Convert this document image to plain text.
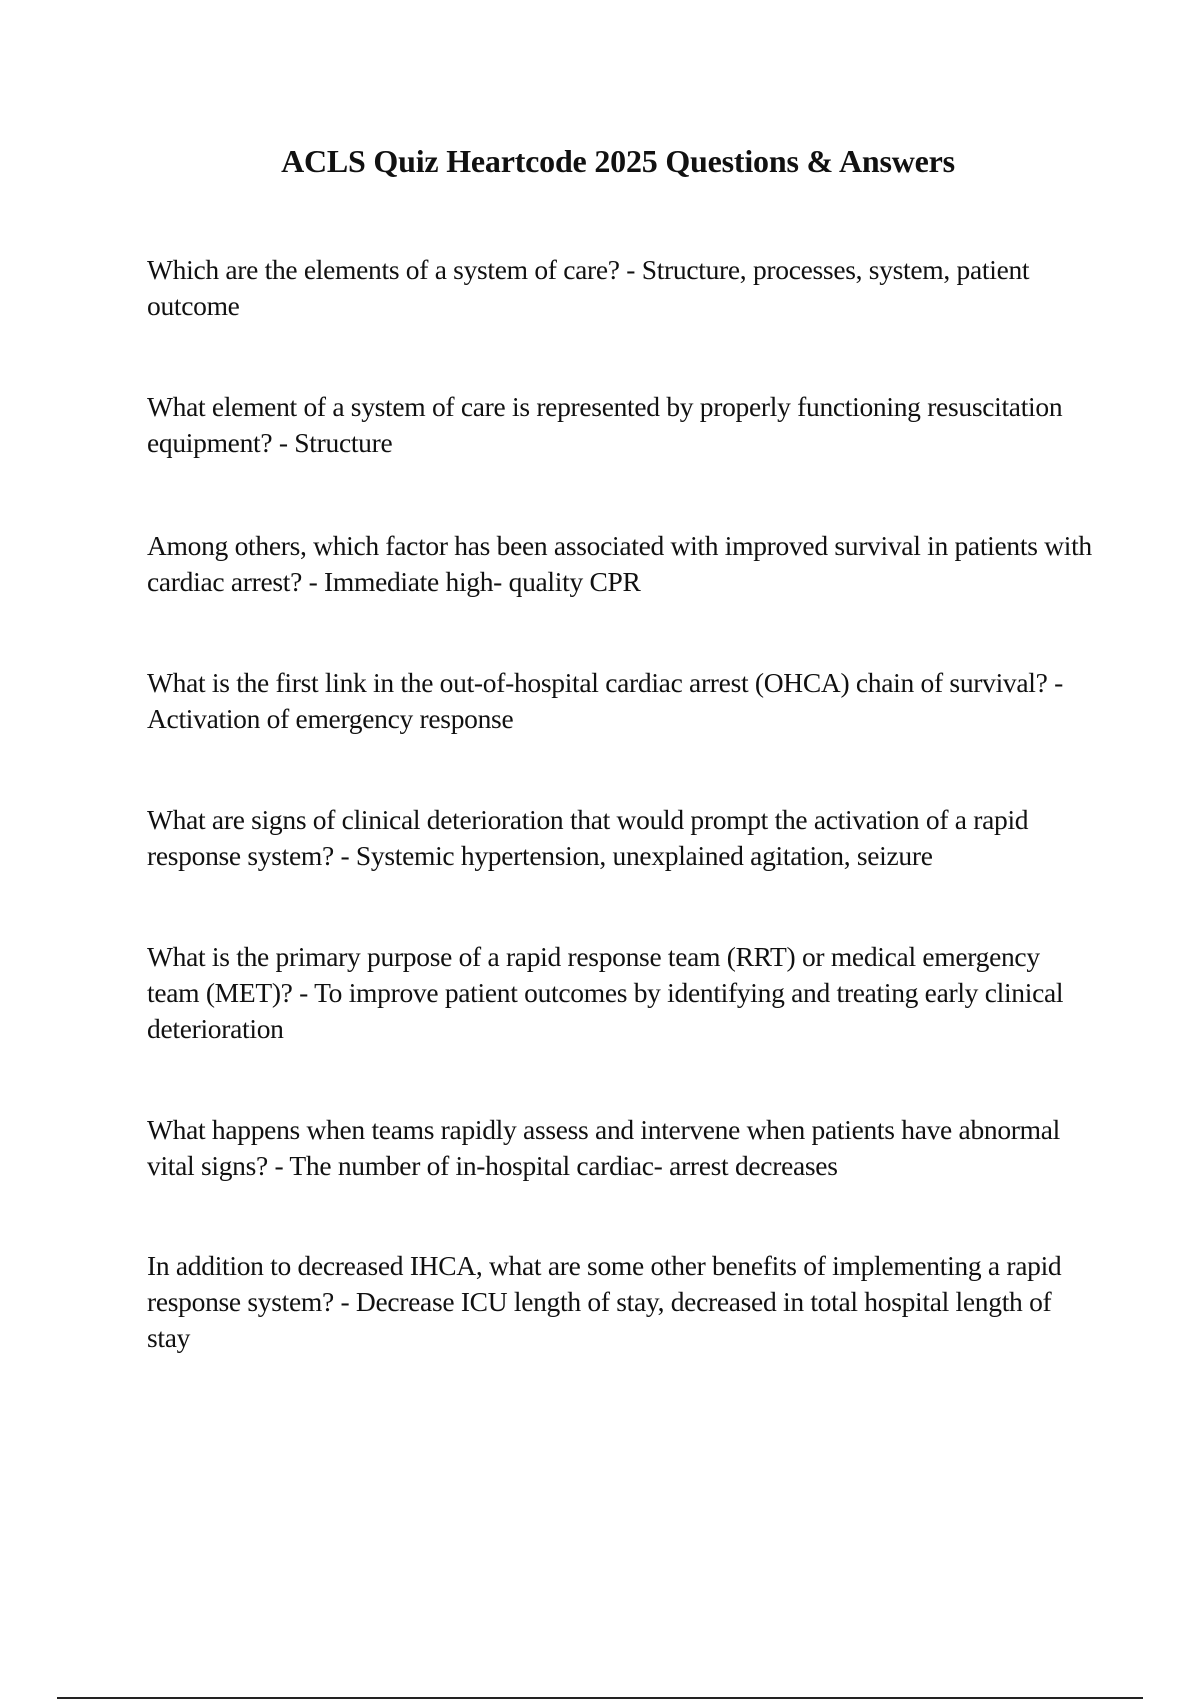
ACLS Quiz Heartcode 2025 Questions & Answers
Which are the elements of a system of care? - Structure, processes, system, patient outcome
What element of a system of care is represented by properly functioning resuscitation equipment? - Structure
Among others, which factor has been associated with improved survival in patients with cardiac arrest? - Immediate high- quality CPR
What is the first link in the out-of-hospital cardiac arrest (OHCA) chain of survival? - Activation of emergency response
What are signs of clinical deterioration that would prompt the activation of a rapid response system? - Systemic hypertension, unexplained agitation, seizure
What is the primary purpose of a rapid response team (RRT) or medical emergency team (MET)? - To improve patient outcomes by identifying and treating early clinical deterioration
What happens when teams rapidly assess and intervene when patients have abnormal vital signs? - The number of in-hospital cardiac- arrest decreases
In addition to decreased IHCA, what are some other benefits of implementing a rapid response system? - Decrease ICU length of stay, decreased in total hospital length of stay
